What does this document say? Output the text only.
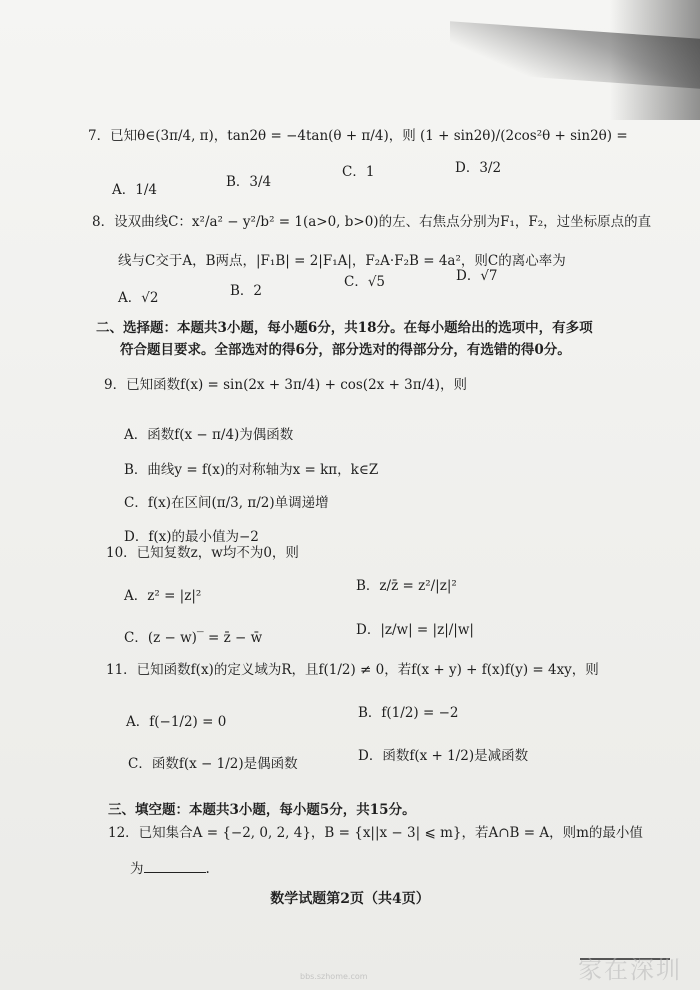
7．已知θ∈(3π/4, π)，tan2θ = −4tan(θ + π/4)，则 (1 + sin2θ)/(2cos²θ + sin2θ) =
A．1/4	B．3/4
C．1	D．3/2
8．设双曲线C：x²/a² − y²/b² = 1(a>0, b>0)的左、右焦点分别为F₁，F₂，过坐标原点的直
线与C交于A，B两点，|F₁B| = 2|F₁A|，F₂A·F₂B = 4a²，则C的离心率为
A．√2	B．2
C．√5	D．√7
二、选择题：本题共3小题，每小题6分，共18分。在每小题给出的选项中，有多项
符合题目要求。全部选对的得6分，部分选对的得部分分，有选错的得0分。
9．已知函数f(x) = sin(2x + 3π/4) + cos(2x + 3π/4)，则
A．函数f(x − π/4)为偶函数
B．曲线y = f(x)的对称轴为x = kπ，k∈Z
C．f(x)在区间(π/3, π/2)单调递增
D．f(x)的最小值为−2
10．已知复数z，w均不为0，则
A．z² = |z|²
B．z/z̄ = z²/|z|²
C．(z − w)‾ = z̄ − w̄	D．|z/w| = |z|/|w|
11．已知函数f(x)的定义域为R，且f(1/2) ≠ 0，若f(x + y) + f(x)f(y) = 4xy，则
A．f(−1/2) = 0
B．f(1/2) = −2
C．函数f(x − 1/2)是偶函数	D．函数f(x + 1/2)是减函数
三、填空题：本题共3小题，每小题5分，共15分。
12．已知集合A = {−2, 0, 2, 4}，B = {x||x − 3| ⩽ m}，若A∩B = A，则m的最小值
为	.
数学试题第2页（共4页）
家在深圳
bbs.szhome.com
